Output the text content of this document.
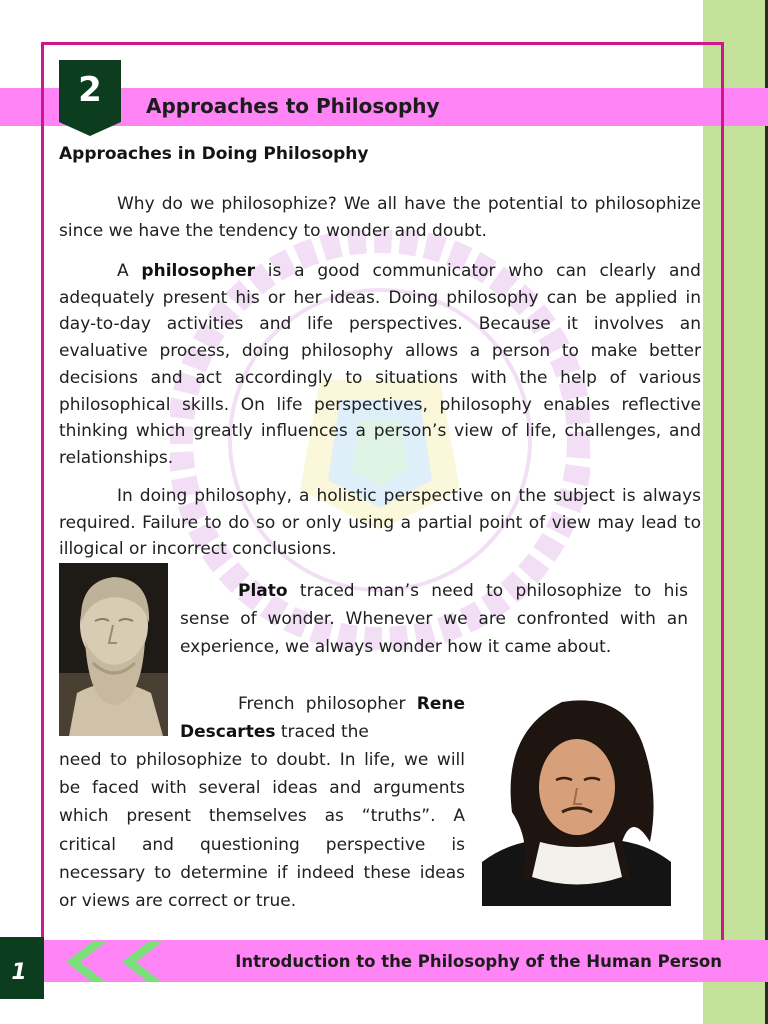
2	Approaches to Philosophy
Approaches in Doing Philosophy
Why do we philosophize? We all have the potential to philosophize since we have the tendency to wonder and doubt.
A philosopher is a good communicator who can clearly and adequately present his or her ideas. Doing philosophy can be applied in day-to-day activities and life perspectives. Because it involves an evaluative process, doing philosophy allows a person to make better decisions and act accordingly to situations with the help of various philosophical skills. On life perspectives, philosophy enables reflective thinking which greatly influences a person’s view of life, challenges, and relationships.
In doing philosophy, a holistic perspective on the subject is always required. Failure to do so or only using a partial point of view may lead to illogical or incorrect conclusions.
Plato traced man’s need to philosophize to his sense of wonder. Whenever we are confronted with an experience, we always wonder how it came about.
French philosopher Rene Descartes traced the
need to philosophize to doubt. In life, we will be faced with several ideas and arguments which present themselves as “truths”. A critical and questioning perspective is necessary to determine if indeed these ideas or views are correct or true.
Introduction to the Philosophy of the Human Person
1
